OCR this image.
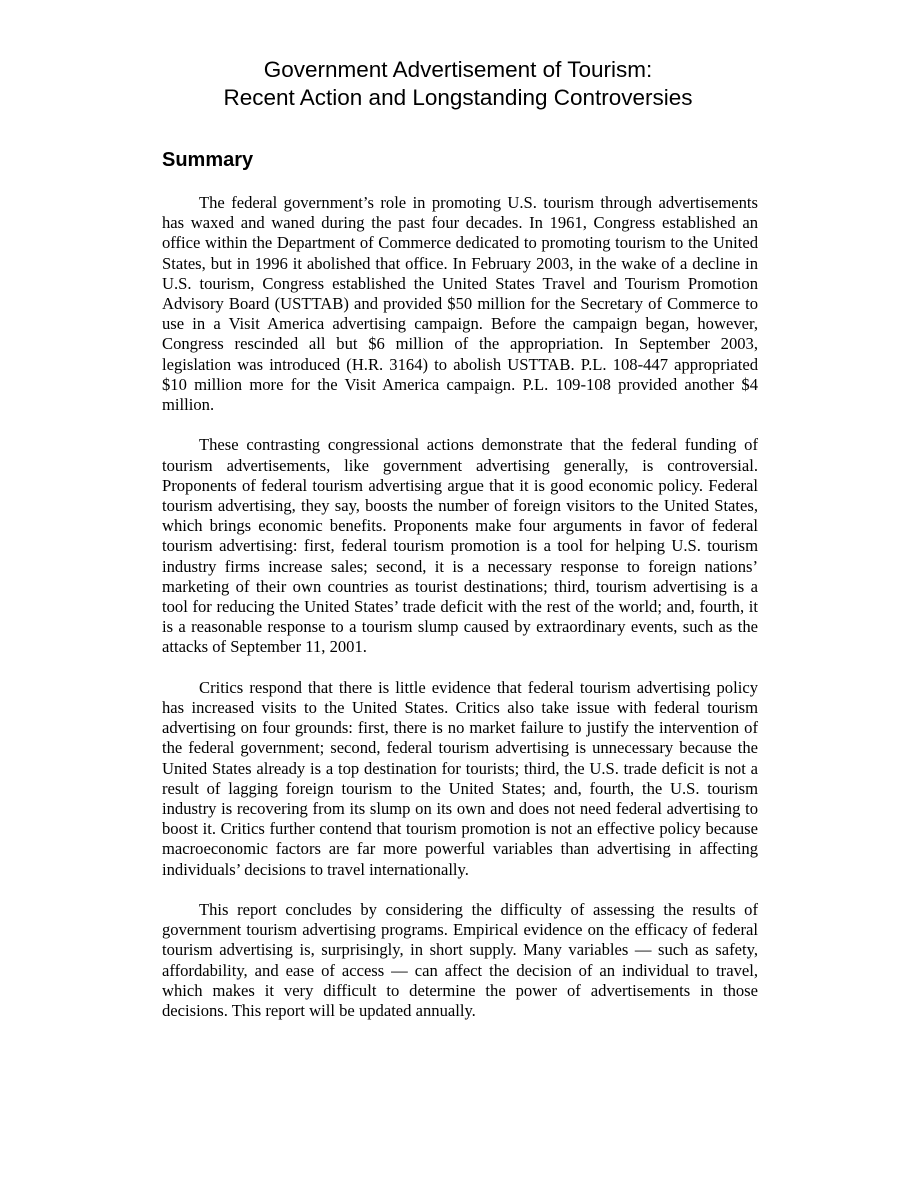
Government Advertisement of Tourism:
Recent Action and Longstanding Controversies
Summary

The federal government’s role in promoting U.S. tourism through advertisements has waxed and waned during the past four decades. In 1961, Congress established an office within the Department of Commerce dedicated to promoting tourism to the United States, but in 1996 it abolished that office. In February 2003, in the wake of a decline in U.S. tourism, Congress established the United States Travel and Tourism Promotion Advisory Board (USTTAB) and provided $50 million for the Secretary of Commerce to use in a Visit America advertising campaign. Before the campaign began, however, Congress rescinded all but $6 million of the appropriation. In September 2003, legislation was introduced (H.R. 3164) to abolish USTTAB. P.L. 108-447 appropriated $10 million more for the Visit America campaign. P.L. 109-108 provided another $4 million.

These contrasting congressional actions demonstrate that the federal funding of tourism advertisements, like government advertising generally, is controversial. Proponents of federal tourism advertising argue that it is good economic policy. Federal tourism advertising, they say, boosts the number of foreign visitors to the United States, which brings economic benefits. Proponents make four arguments in favor of federal tourism advertising: first, federal tourism promotion is a tool for helping U.S. tourism industry firms increase sales; second, it is a necessary response to foreign nations’ marketing of their own countries as tourist destinations; third, tourism advertising is a tool for reducing the United States’ trade deficit with the rest of the world; and, fourth, it is a reasonable response to a tourism slump caused by extraordinary events, such as the attacks of September 11, 2001.

Critics respond that there is little evidence that federal tourism advertising policy has increased visits to the United States. Critics also take issue with federal tourism advertising on four grounds: first, there is no market failure to justify the intervention of the federal government; second, federal tourism advertising is unnecessary because the United States already is a top destination for tourists; third, the U.S. trade deficit is not a result of lagging foreign tourism to the United States; and, fourth, the U.S. tourism industry is recovering from its slump on its own and does not need federal advertising to boost it. Critics further contend that tourism promotion is not an effective policy because macroeconomic factors are far more powerful variables than advertising in affecting individuals’ decisions to travel internationally.

This report concludes by considering the difficulty of assessing the results of government tourism advertising programs. Empirical evidence on the efficacy of federal tourism advertising is, surprisingly, in short supply. Many variables — such as safety, affordability, and ease of access — can affect the decision of an individual to travel, which makes it very difficult to determine the power of advertisements in those decisions. This report will be updated annually.
